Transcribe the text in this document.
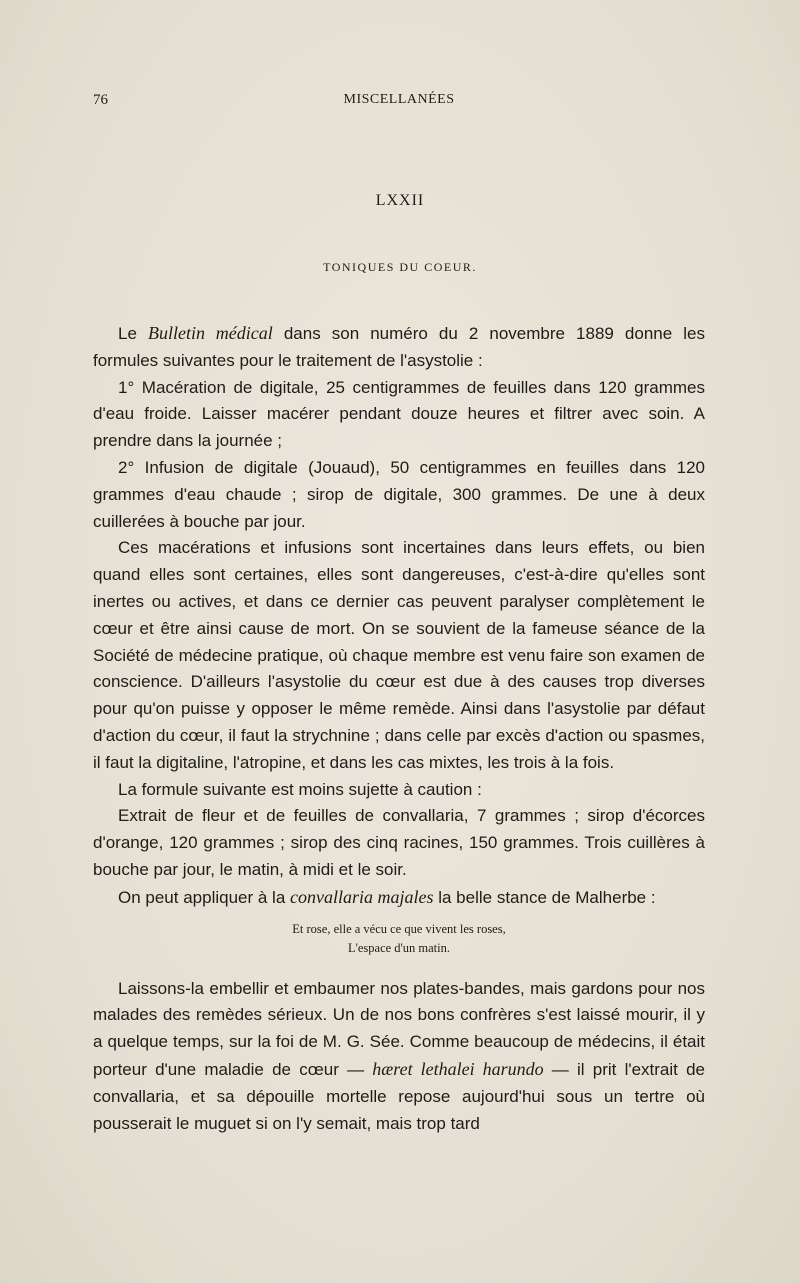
76	MISCELLANÉES
LXXII
TONIQUES DU COEUR.

Le Bulletin médical dans son numéro du 2 novembre 1889 donne les formules suivantes pour le traitement de l'asystolie :

1° Macération de digitale, 25 centigrammes de feuilles dans 120 grammes d'eau froide. Laisser macérer pendant douze heures et filtrer avec soin. A prendre dans la journée ;

2° Infusion de digitale (Jouaud), 50 centigrammes en feuilles dans 120 grammes d'eau chaude ; sirop de digitale, 300 grammes. De une à deux cuillerées à bouche par jour.

Ces macérations et infusions sont incertaines dans leurs effets, ou bien quand elles sont certaines, elles sont dangereuses, c'est-à-dire qu'elles sont inertes ou actives, et dans ce dernier cas peuvent paralyser complètement le cœur et être ainsi cause de mort. On se souvient de la fameuse séance de la Société de médecine pratique, où chaque membre est venu faire son examen de conscience. D'ailleurs l'asystolie du cœur est due à des causes trop diverses pour qu'on puisse y opposer le même remède. Ainsi dans l'asystolie par défaut d'action du cœur, il faut la strychnine ; dans celle par excès d'action ou spasmes, il faut la digitaline, l'atropine, et dans les cas mixtes, les trois à la fois.

La formule suivante est moins sujette à caution :

Extrait de fleur et de feuilles de convallaria, 7 grammes ; sirop d'écorces d'orange, 120 grammes ; sirop des cinq racines, 150 grammes. Trois cuillères à bouche par jour, le matin, à midi et le soir.

On peut appliquer à la convallaria majales la belle stance de Malherbe :

Et rose, elle a vécu ce que vivent les roses,
L'espace d'un matin.

Laissons-la embellir et embaumer nos plates-bandes, mais gardons pour nos malades des remèdes sérieux. Un de nos bons confrères s'est laissé mourir, il y a quelque temps, sur la foi de M. G. Sée. Comme beaucoup de médecins, il était porteur d'une maladie de cœur — hæret lethalei harundo — il prit l'extrait de convallaria, et sa dépouille mortelle repose aujourd'hui sous un tertre où pousserait le muguet si on l'y semait, mais trop tard
